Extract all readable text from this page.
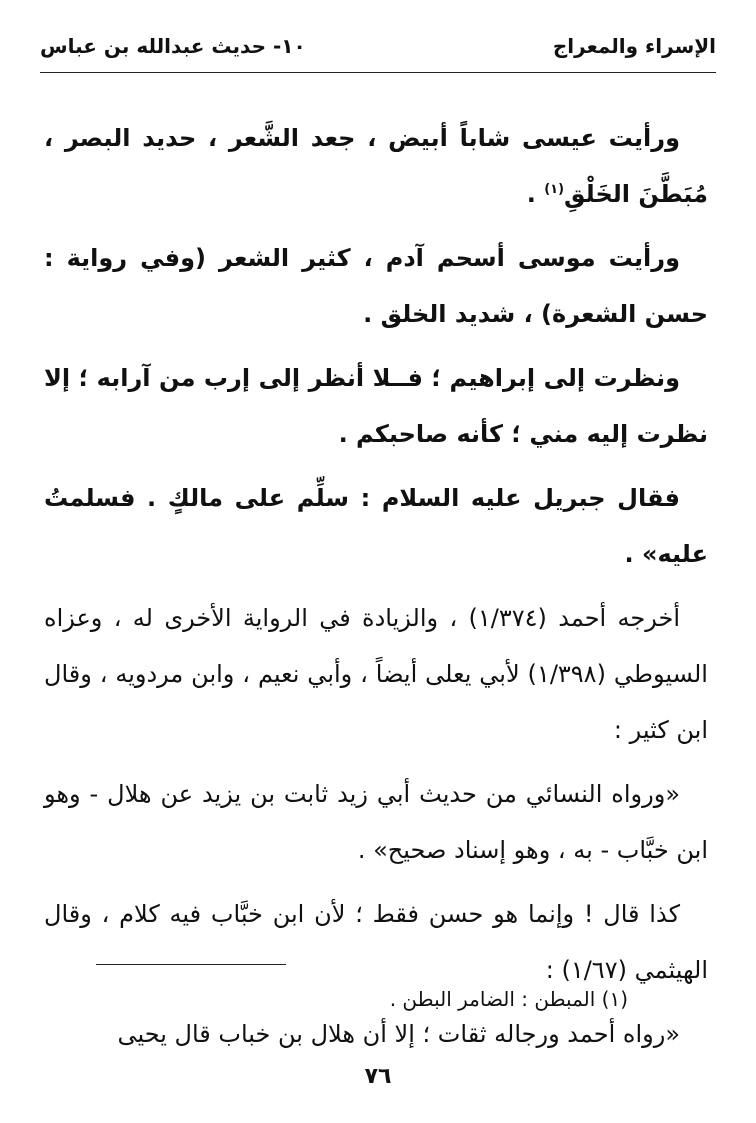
الإسراء والمعراج
١٠- حديث عبدالله بن عباس

ورأيت عيسى شاباً أبيض ، جعد الشَّعر ، حديد البصر ، مُبَطَّنَ الخَلْقِ$^{(١)}$ .

ورأيت موسى أسحم آدم ، كثير الشعر (وفي رواية : حسن الشعرة) ، شديد الخلق .

ونظرت إلى إبراهيم ؛ فــلا أنظر إلى إرب من آرابه ؛ إلا نظرت إليه مني ؛ كأنه صاحبكم .

فقال جبريل عليه السلام : سلِّم على مالكٍ . فسلمتُ عليه» .

أخرجه أحمد (١/٣٧٤) ، والزيادة في الرواية الأخرى له ، وعزاه السيوطي (١/٣٩٨) لأبي يعلى أيضاً ، وأبي نعيم ، وابن مردويه ، وقال ابن كثير :

«ورواه النسائي من حديث أبي زيد ثابت بن يزيد عن هلال - وهو ابن خبَّاب - به ، وهو إسناد صحيح» .

كذا قال ! وإنما هو حسن فقط ؛ لأن ابن خبَّاب فيه كلام ، وقال الهيثمي (١/٦٧) :

«رواه أحمد ورجاله ثقات ؛ إلا أن هلال بن خباب قال يحيى

(١) المبطن : الضامر البطن .
٧٦
